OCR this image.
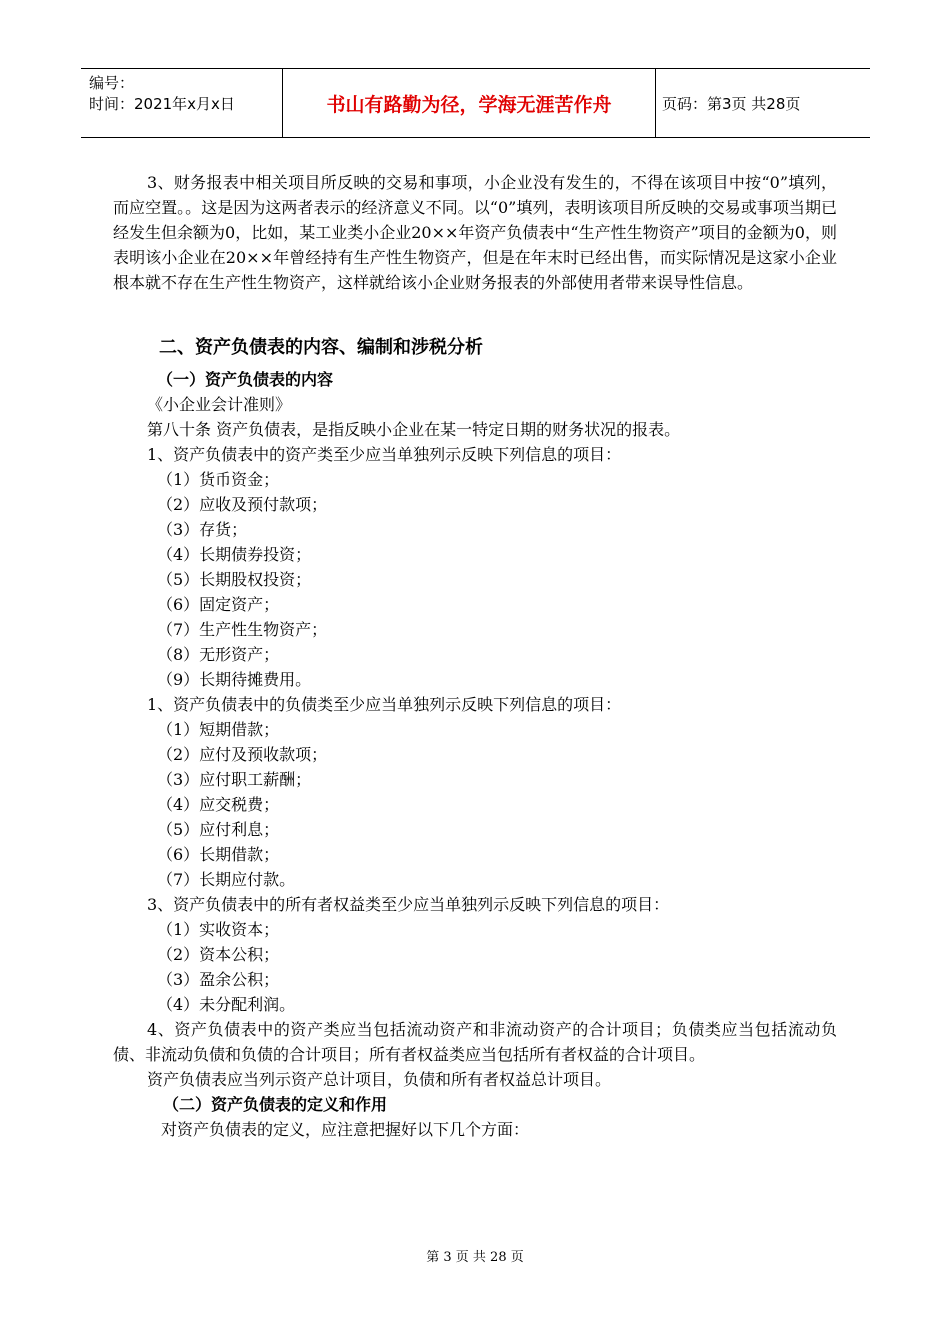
编号：
时间：2021年x月x日	书山有路勤为径，学海无涯苦作舟	页码：第3页 共28页

3、财务报表中相关项目所反映的交易和事项，小企业没有发生的，不得在该项目中按“0”填列，而应空置。。这是因为这两者表示的经济意义不同。以“0”填列，表明该项目所反映的交易或事项当期已经发生但余额为0，比如，某工业类小企业20××年资产负债表中“生产性生物资产”项目的金额为0，则表明该小企业在20××年曾经持有生产性生物资产，但是在年末时已经出售，而实际情况是这家小企业根本就不存在生产性生物资产，这样就给该小企业财务报表的外部使用者带来误导性信息。

二、资产负债表的内容、编制和涉税分析
（一）资产负债表的内容

《小企业会计准则》

第八十条 资产负债表，是指反映小企业在某一特定日期的财务状况的报表。

1、资产负债表中的资产类至少应当单独列示反映下列信息的项目：

（1）货币资金；

（2）应收及预付款项；

（3）存货；

（4）长期债券投资；

（5）长期股权投资；

（6）固定资产；

（7）生产性生物资产；

（8）无形资产；

（9）长期待摊费用。

1、资产负债表中的负债类至少应当单独列示反映下列信息的项目：

（1）短期借款；

（2）应付及预收款项；

（3）应付职工薪酬；

（4）应交税费；

（5）应付利息；

（6）长期借款；

（7）长期应付款。

3、资产负债表中的所有者权益类至少应当单独列示反映下列信息的项目：

（1）实收资本；

（2）资本公积；

（3）盈余公积；

（4）未分配利润。

4、资产负债表中的资产类应当包括流动资产和非流动资产的合计项目；负债类应当包括流动负债、非流动负债和负债的合计项目；所有者权益类应当包括所有者权益的合计项目。

资产负债表应当列示资产总计项目，负债和所有者权益总计项目。

（二）资产负债表的定义和作用

对资产负债表的定义，应注意把握好以下几个方面：

第 3 页 共 28 页
